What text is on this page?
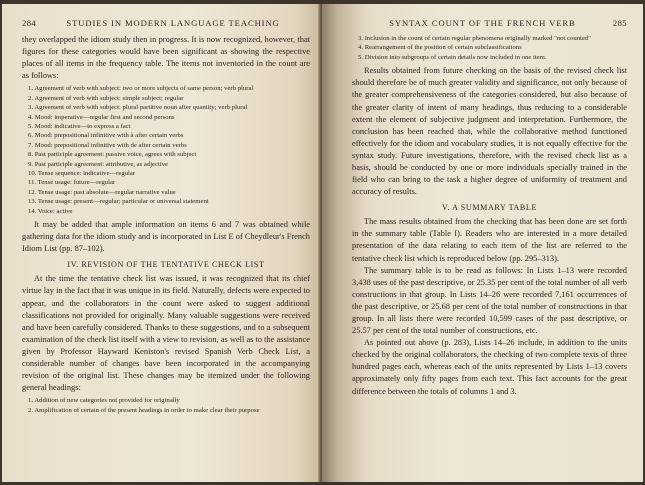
284	STUDIES IN MODERN LANGUAGE TEACHING

they overlapped the idiom study then in progress. It is now recognized, however, that figures for these categories would have been significant as showing the respective places of all items in the frequency table. The items not inventoried in the count are as follows:

1. Agreement of verb with subject: two or more subjects of same person; verb plural
2. Agreement of verb with subject: simple subject; regular
3. Agreement of verb with subject: plural partitive noun after quantity; verb plural
4. Mood: imperative—regular first and second persons
5. Mood: indicative—to express a fact
6. Mood: prepositional infinitive with à after certain verbs
7. Mood: prepositional infinitive with de after certain verbs
8. Past participle agreement: passive voice, agrees with subject
9. Past participle agreement: attributive, as adjective
10. Tense sequence: indicative—regular
11. Tense usage: future—regular
12. Tense usage: past absolute—regular narrative value
13. Tense usage: present—regular; particular or universal statement
14. Voice: active

It may be added that ample information on items 6 and 7 was obtained while gathering data for the idiom study and is incorporated in List E of Cheydleur's French Idiom List (pp. 87–102).

IV. REVISION OF THE TENTATIVE CHECK LIST

At the time the tentative check list was issued, it was recognized that its chief virtue lay in the fact that it was unique in its field. Naturally, defects were expected to appear, and the collaborators in the count were asked to suggest additional classifications not provided for originally. Many valuable suggestions were received and have been carefully considered. Thanks to these suggestions, and to a subsequent examination of the check list itself with a view to revision, as well as to the assistance given by Professor Hayward Keniston's revised Spanish Verb Check List, a considerable number of changes have been incorporated in the accompanying revision of the original list. These changes may be itemized under the following general headings:

1. Addition of new categories not provided for originally
2. Amplification of certain of the present headings in order to make clear their purpose
SYNTAX COUNT OF THE FRENCH VERB	285
3. Inclusion in the count of certain regular phenomena originally marked "not counted"
4. Rearrangement of the position of certain subclassifications
5. Division into subgroups of certain details now included in one item.

Results obtained from future checking on the basis of the revised check list should therefore be of much greater validity and significance, not only because of the greater comprehensiveness of the categories considered, but also because of the greater clarity of intent of many headings, thus reducing to a considerable extent the element of subjective judgment and interpretation. Furthermore, the conclusion has been reached that, while the collaborative method functioned effectively for the idiom and vocabulary studies, it is not equally effective for the syntax study. Future investigations, therefore, with the revised check list as a basis, should be conducted by one or more individuals specially trained in the field who can bring to the task a higher degree of uniformity of treatment and accuracy of results.

V. A SUMMARY TABLE

The mass results obtained from the checking that has been done are set forth in the summary table (Table I). Readers who are interested in a more detailed presentation of the data relating to each item of the list are referred to the tentative check list which is reproduced below (pp. 295–313).

The summary table is to be read as follows: In Lists 1–13 were recorded 3,438 uses of the past descriptive, or 25.35 per cent of the total number of all verb constructions in that group. In Lists 14–26 were recorded 7,161 occurrences of the past descriptive, or 25.68 per cent of the total number of constructions in that group. In all lists there were recorded 10,599 cases of the past descriptive, or 25.57 per cent of the total number of constructions, etc.

As pointed out above (p. 283), Lists 14–26 include, in addition to the units checked by the original collaborators, the checking of two complete texts of three hundred pages each, whereas each of the units represented by Lists 1–13 covers approximately only fifty pages from each text. This fact accounts for the great difference between the totals of columns 1 and 3.
